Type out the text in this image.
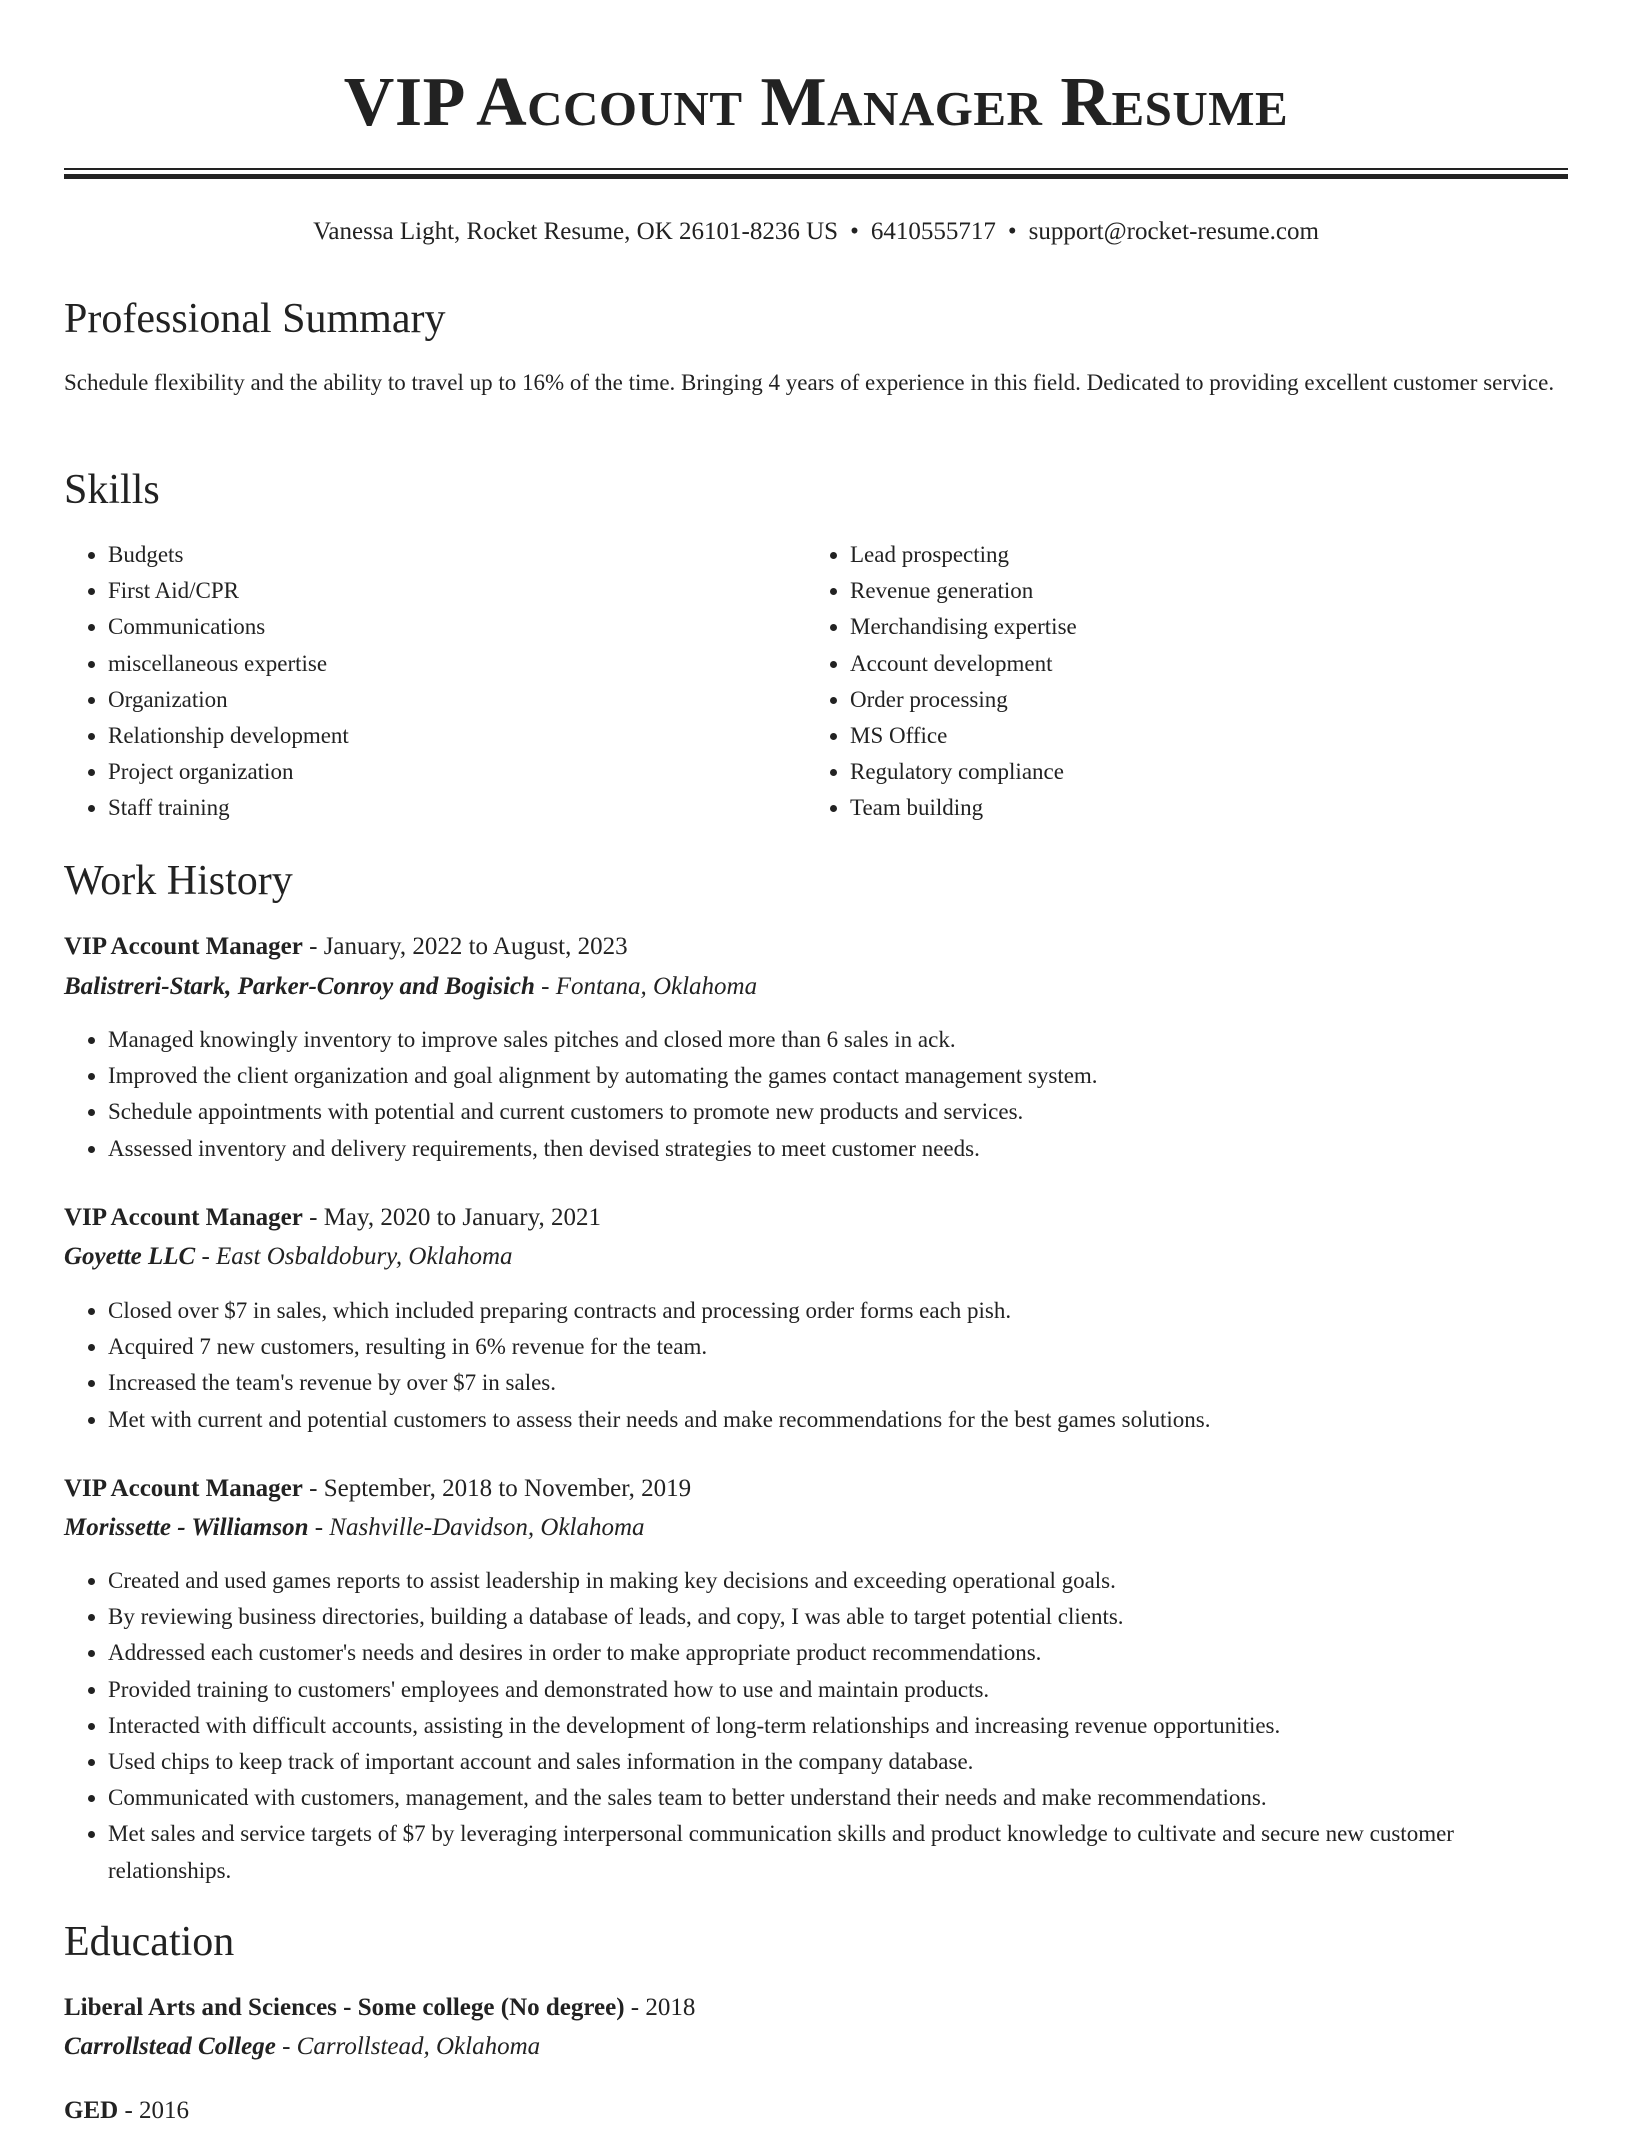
VIP Account Manager Resume
Vanessa Light, Rocket Resume, OK 26101-8236 US • 6410555717 • support@rocket-resume.com
Professional Summary

Schedule flexibility and the ability to travel up to 16% of the time. Bringing 4 years of experience in this field. Dedicated to providing excellent customer service.

Skills
• Budgets
• First Aid/CPR
• Communications
• miscellaneous expertise
• Organization
• Relationship development
• Project organization
• Staff training
• Lead prospecting
• Revenue generation
• Merchandising expertise
• Account development
• Order processing
• MS Office
• Regulatory compliance
• Team building
Work History

VIP Account Manager - January, 2022 to August, 2023

Balistreri-Stark, Parker-Conroy and Bogisich - Fontana, Oklahoma

• Managed knowingly inventory to improve sales pitches and closed more than 6 sales in ack.
• Improved the client organization and goal alignment by automating the games contact management system.
• Schedule appointments with potential and current customers to promote new products and services.
• Assessed inventory and delivery requirements, then devised strategies to meet customer needs.

VIP Account Manager - May, 2020 to January, 2021

Goyette LLC - East Osbaldobury, Oklahoma

• Closed over $7 in sales, which included preparing contracts and processing order forms each pish.
• Acquired 7 new customers, resulting in 6% revenue for the team.
• Increased the team's revenue by over $7 in sales.
• Met with current and potential customers to assess their needs and make recommendations for the best games solutions.

VIP Account Manager - September, 2018 to November, 2019

Morissette - Williamson - Nashville-Davidson, Oklahoma

• Created and used games reports to assist leadership in making key decisions and exceeding operational goals.
• By reviewing business directories, building a database of leads, and copy, I was able to target potential clients.
• Addressed each customer's needs and desires in order to make appropriate product recommendations.
• Provided training to customers' employees and demonstrated how to use and maintain products.
• Interacted with difficult accounts, assisting in the development of long-term relationships and increasing revenue opportunities.
• Used chips to keep track of important account and sales information in the company database.
• Communicated with customers, management, and the sales team to better understand their needs and make recommendations.
• Met sales and service targets of $7 by leveraging interpersonal communication skills and product knowledge to cultivate and secure new customer relationships.
Education

Liberal Arts and Sciences - Some college (No degree) - 2018

Carrollstead College - Carrollstead, Oklahoma

GED - 2016
